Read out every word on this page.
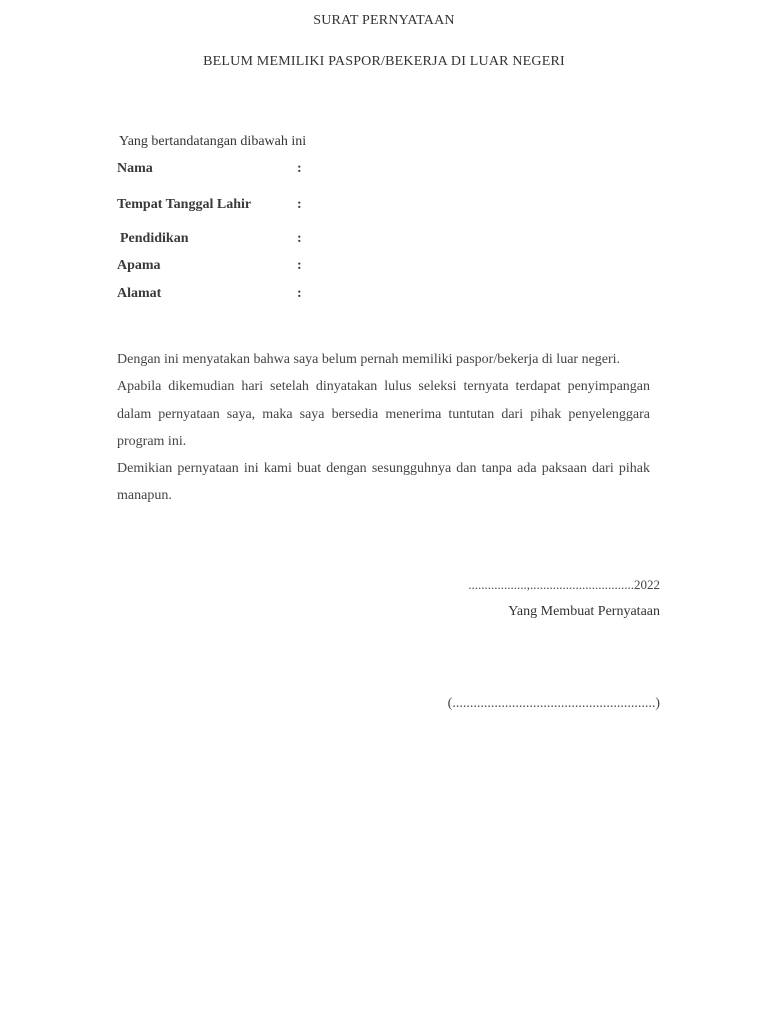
SURAT PERNYATAAN
BELUM MEMILIKI PASPOR/BEKERJA DI LUAR NEGERI
Yang bertandatangan dibawah ini
Nama	:
Tempat Tanggal Lahir	:
Pendidikan	:
Apama	:
Alamat	:

Dengan ini menyatakan bahwa saya belum pernah memiliki paspor/bekerja di luar negeri.

Apabila dikemudian hari setelah dinyatakan lulus seleksi ternyata terdapat penyimpangan dalam pernyataan saya, maka saya bersedia menerima tuntutan dari pihak penyelenggara program ini.

Demikian pernyataan ini kami buat dengan sesungguhnya dan tanpa ada paksaan dari pihak manapun.

..................,................................2022
Yang Membuat Pernyataan
(..........................................................)
